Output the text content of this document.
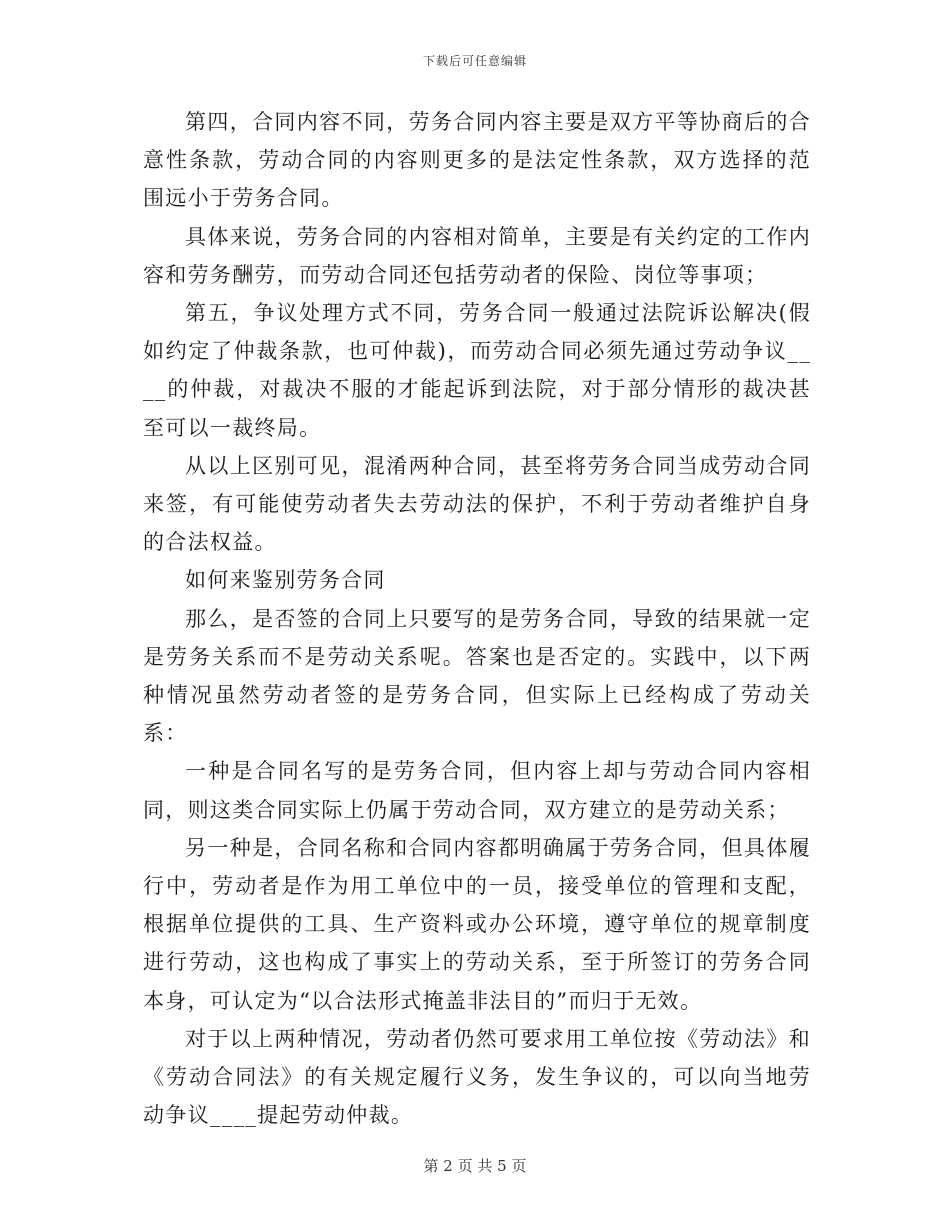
下载后可任意编辑

第四，合同内容不同，劳务合同内容主要是双方平等协商后的合意性条款，劳动合同的内容则更多的是法定性条款，双方选择的范围远小于劳务合同。

具体来说，劳务合同的内容相对简单，主要是有关约定的工作内容和劳务酬劳，而劳动合同还包括劳动者的保险、岗位等事项；

第五，争议处理方式不同，劳务合同一般通过法院诉讼解决(假如约定了仲裁条款，也可仲裁)，而劳动合同必须先通过劳动争议____的仲裁，对裁决不服的才能起诉到法院，对于部分情形的裁决甚至可以一裁终局。

从以上区别可见，混淆两种合同，甚至将劳务合同当成劳动合同来签，有可能使劳动者失去劳动法的保护，不利于劳动者维护自身的合法权益。

如何来鉴别劳务合同

那么，是否签的合同上只要写的是劳务合同，导致的结果就一定是劳务关系而不是劳动关系呢。答案也是否定的。实践中，以下两种情况虽然劳动者签的是劳务合同，但实际上已经构成了劳动关系：

一种是合同名写的是劳务合同，但内容上却与劳动合同内容相同，则这类合同实际上仍属于劳动合同，双方建立的是劳动关系；

另一种是，合同名称和合同内容都明确属于劳务合同，但具体履行中，劳动者是作为用工单位中的一员，接受单位的管理和支配，根据单位提供的工具、生产资料或办公环境，遵守单位的规章制度进行劳动，这也构成了事实上的劳动关系，至于所签订的劳务合同本身，可认定为“以合法形式掩盖非法目的”而归于无效。

对于以上两种情况，劳动者仍然可要求用工单位按《劳动法》和《劳动合同法》的有关规定履行义务，发生争议的，可以向当地劳动争议____提起劳动仲裁。

第 2 页 共 5 页
